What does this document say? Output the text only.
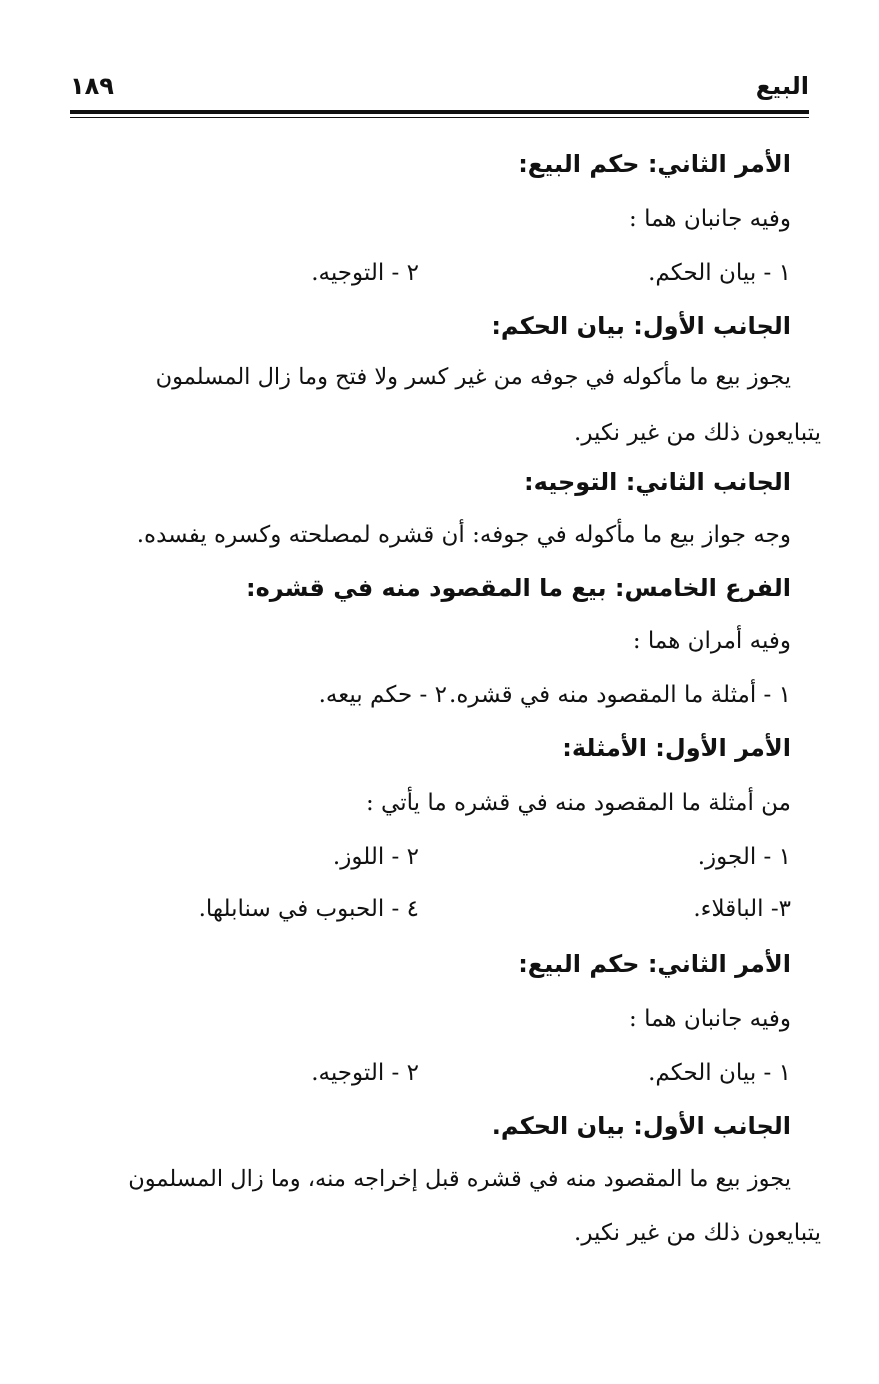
البيع
١٨٩
الأمر الثاني: حكم البيع:
وفيه جانبان هما :
١ - بيان الحكم.
٢ - التوجيه.
الجانب الأول: بيان الحكم:
يجوز بيع ما مأكوله في جوفه من غير كسر ولا فتح وما زال المسلمون
يتبايعون ذلك من غير نكير.
الجانب الثاني: التوجيه:
وجه جواز بيع ما مأكوله في جوفه: أن قشره لمصلحته وكسره يفسده.
الفرع الخامس: بيع ما المقصود منه في قشره:
وفيه أمران هما :
١ - أمثلة ما المقصود منه في قشره.
٢ - حكم بيعه.
الأمر الأول: الأمثلة:
من أمثلة ما المقصود منه في قشره ما يأتي :
١ - الجوز.
٢ - اللوز.
٣- الباقلاء.
٤ - الحبوب في سنابلها.
الأمر الثاني: حكم البيع:
وفيه جانبان هما :
١ - بيان الحكم.
٢ - التوجيه.
الجانب الأول: بيان الحكم.
يجوز بيع ما المقصود منه في قشره قبل إخراجه منه، وما زال المسلمون
يتبايعون ذلك من غير نكير.
